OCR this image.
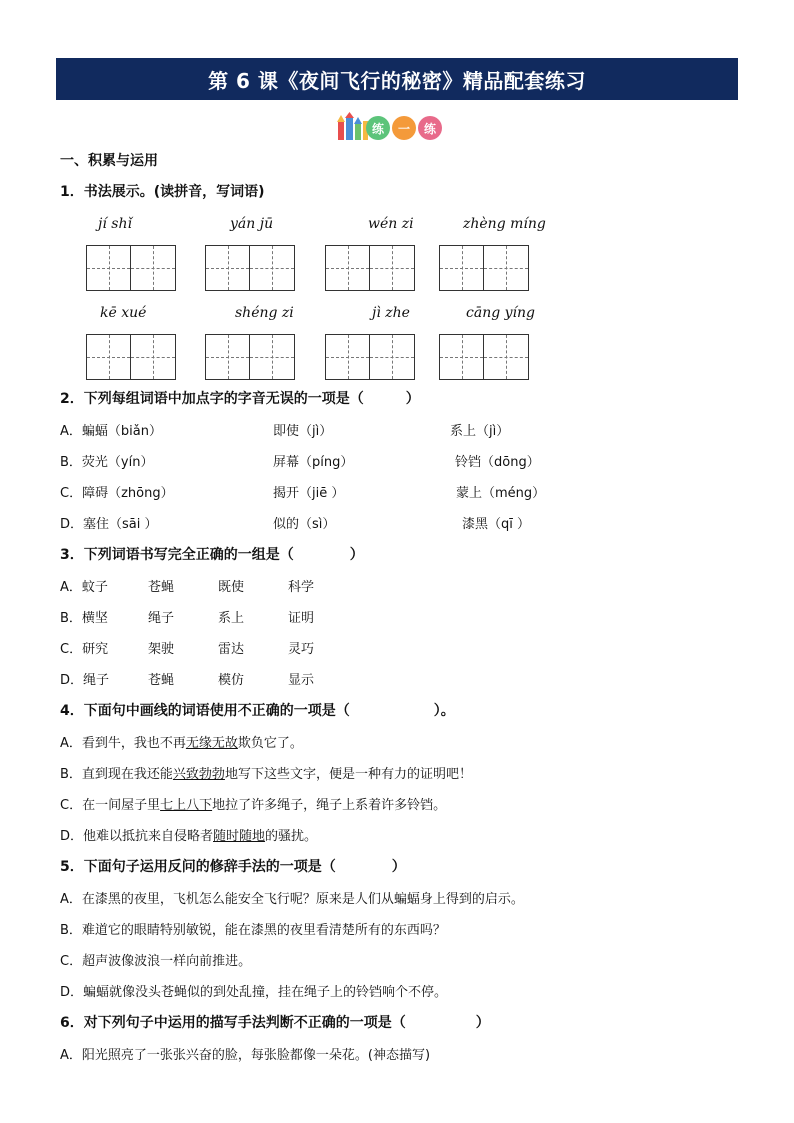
第 6 课《夜间飞行的秘密》精品配套练习
练	一	练
一、积累与运用
1．书法展示。(读拼音，写词语)
jí shǐ	yán jū	wén zi	zhèng míng
kē xué	shéng zi	jì zhe	cāng yíng
2．下列每组词语中加点字的字音无误的一项是（　　　）
A．蝙蝠（biǎn）	即使（jì）	系上（jì）
B．荧光（yín）	屏幕（píng）	铃铛（dōng）
C．障碍（zhōng）	揭开（jiē ）	蒙上（méng）
D．塞住（sāi ）	似的（sì）	漆黑（qī ）
3．下列词语书写完全正确的一组是（　　　　）
A．蚊子	苍蝇	既使	科学
B．横坚	绳子	系上	证明
C．研究	架驶	雷达	灵巧
D．绳子	苍蝇	模仿	显示
4．下面句中画线的词语使用不正确的一项是（　　　　　　）。
A．看到牛，我也不再无缘无故欺负它了。
B．直到现在我还能兴致勃勃地写下这些文字，便是一种有力的证明吧！
C．在一间屋子里七上八下地拉了许多绳子，绳子上系着许多铃铛。
D．他难以抵抗来自侵略者随时随地的骚扰。
5．下面句子运用反问的修辞手法的一项是（　　　　）
A．在漆黑的夜里，飞机怎么能安全飞行呢？原来是人们从蝙蝠身上得到的启示。
B．难道它的眼睛特别敏锐，能在漆黑的夜里看清楚所有的东西吗？
C．超声波像波浪一样向前推进。
D．蝙蝠就像没头苍蝇似的到处乱撞，挂在绳子上的铃铛响个不停。
6．对下列句子中运用的描写手法判断不正确的一项是（　　　　　）
A．阳光照亮了一张张兴奋的脸，每张脸都像一朵花。(神态描写)
